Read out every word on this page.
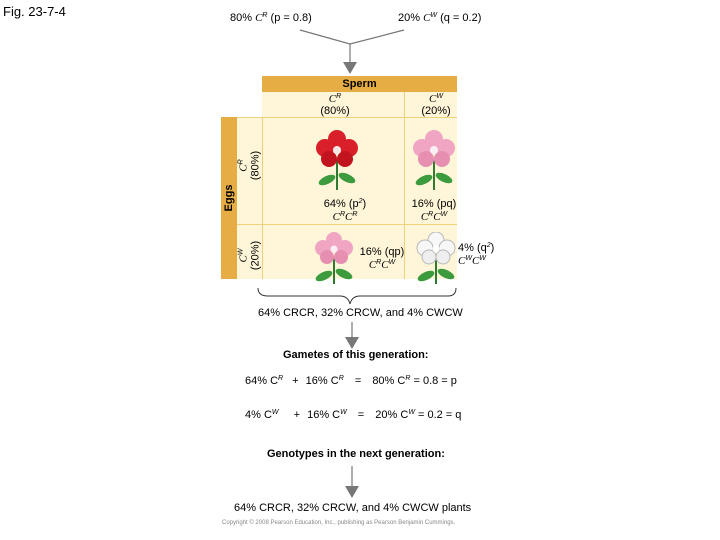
Fig. 23-7-4	80% $C^R$ (p = 0.8)	20% $C^W$ (q = 0.2)
Sperm
$C^R$
(80%)
$C^W$
(20%)
Eggs
$C^R$ (80%)
$C^W$ (20%)
64% $(p^2)$
$C^RC^R$
16% (pq)
$C^RC^W$
16% (qp)
$C^RC^W$
4% $(q^2)$
$C^WC^W$
64% CRCR, 32% CRCW, and 4% CWCW
Gametes of this generation:
64% $C^R + 16\%$ $C^R = 80\%$ $C^R = 0.8 = p$
4% $C^W + 16\%$ $C^W = 20\%$ $C^W = 0.2 = q$
Genotypes in the next generation:
64% CRCR, 32% CRCW, and 4% CWCW plants
Copyright © 2008 Pearson Education, Inc., publishing as Pearson Benjamin Cummings.
